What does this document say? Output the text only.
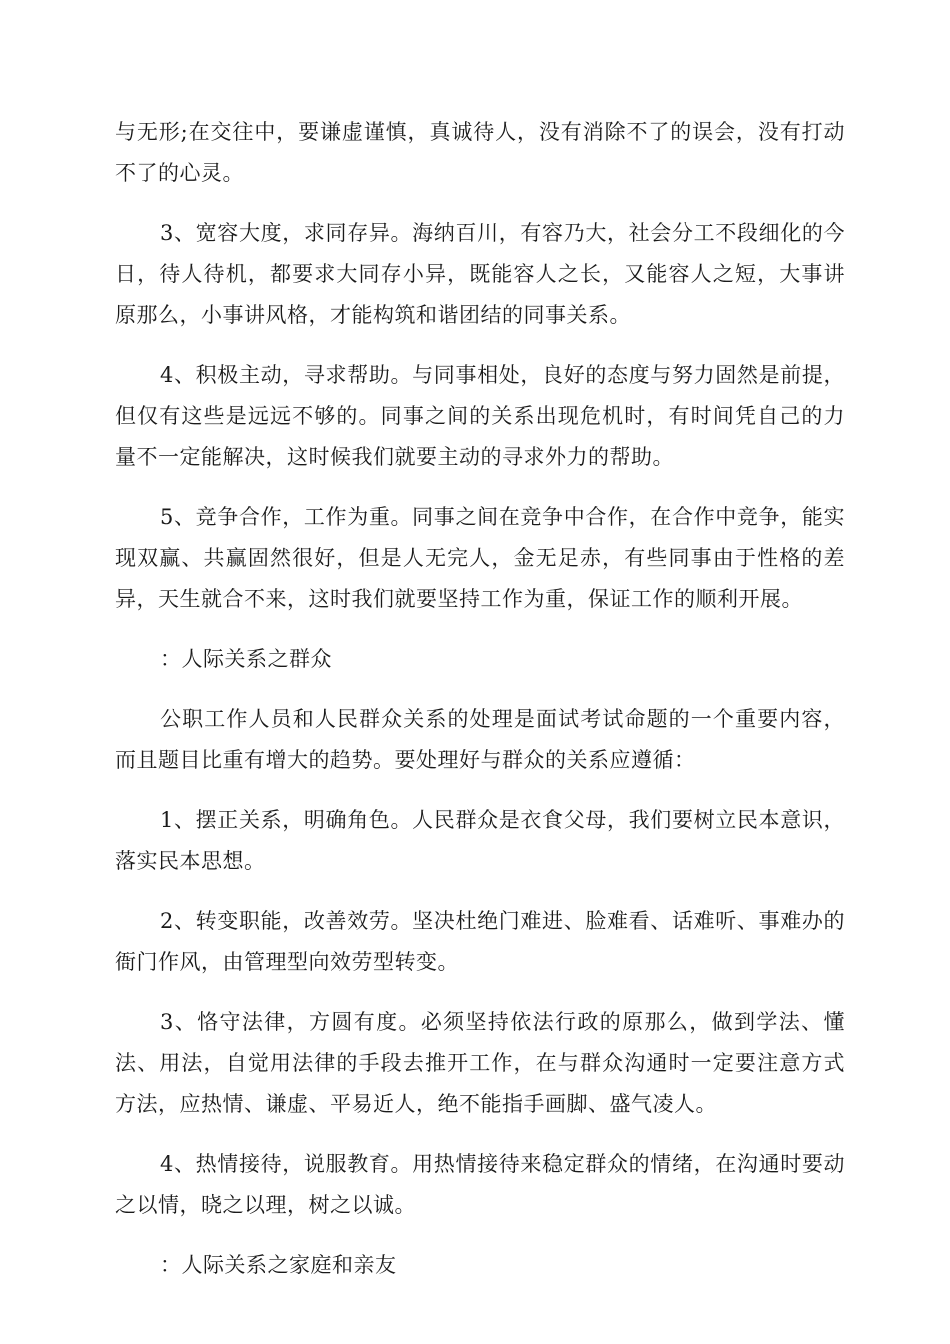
与无形;在交往中，要谦虚谨慎，真诚待人，没有消除不了的误会，没有打动不了的心灵。

3、宽容大度，求同存异。海纳百川，有容乃大，社会分工不段细化的今日，待人待机，都要求大同存小异，既能容人之长，又能容人之短，大事讲原那么，小事讲风格，才能构筑和谐团结的同事关系。

4、积极主动，寻求帮助。与同事相处，良好的态度与努力固然是前提，但仅有这些是远远不够的。同事之间的关系出现危机时，有时间凭自己的力量不一定能解决，这时候我们就要主动的寻求外力的帮助。

5、竞争合作，工作为重。同事之间在竞争中合作，在合作中竞争，能实现双赢、共赢固然很好，但是人无完人，金无足赤，有些同事由于性格的差异，天生就合不来，这时我们就要坚持工作为重，保证工作的顺利开展。

：人际关系之群众

公职工作人员和人民群众关系的处理是面试考试命题的一个重要内容，而且题目比重有增大的趋势。要处理好与群众的关系应遵循：

1、摆正关系，明确角色。人民群众是衣食父母，我们要树立民本意识，落实民本思想。

2、转变职能，改善效劳。坚决杜绝门难进、脸难看、话难听、事难办的衙门作风，由管理型向效劳型转变。

3、恪守法律，方圆有度。必须坚持依法行政的原那么，做到学法、懂法、用法，自觉用法律的手段去推开工作，在与群众沟通时一定要注意方式方法，应热情、谦虚、平易近人，绝不能指手画脚、盛气凌人。

4、热情接待，说服教育。用热情接待来稳定群众的情绪，在沟通时要动之以情，晓之以理，树之以诚。

：人际关系之家庭和亲友
